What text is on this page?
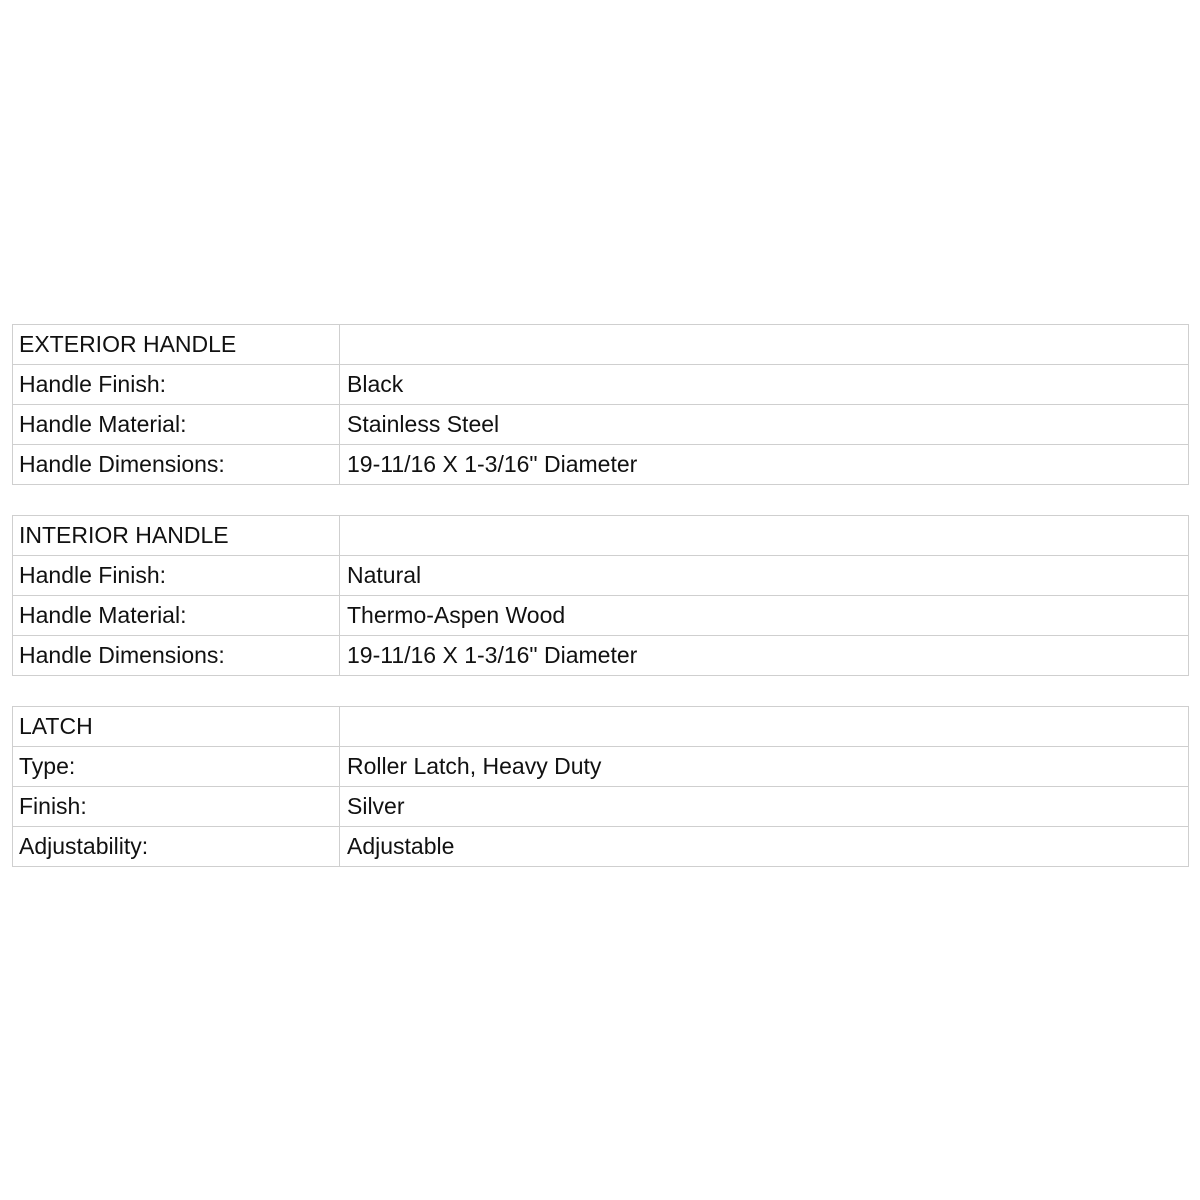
EXTERIOR HANDLE	
Handle Finish:	Black
Handle Material:	Stainless Steel
Handle Dimensions:	19-11/16 X 1-3/16" Diameter
INTERIOR HANDLE	
Handle Finish:	Natural
Handle Material:	Thermo-Aspen Wood
Handle Dimensions:	19-11/16 X 1-3/16" Diameter
LATCH	
Type:	Roller Latch, Heavy Duty
Finish:	Silver
Adjustability:	Adjustable
